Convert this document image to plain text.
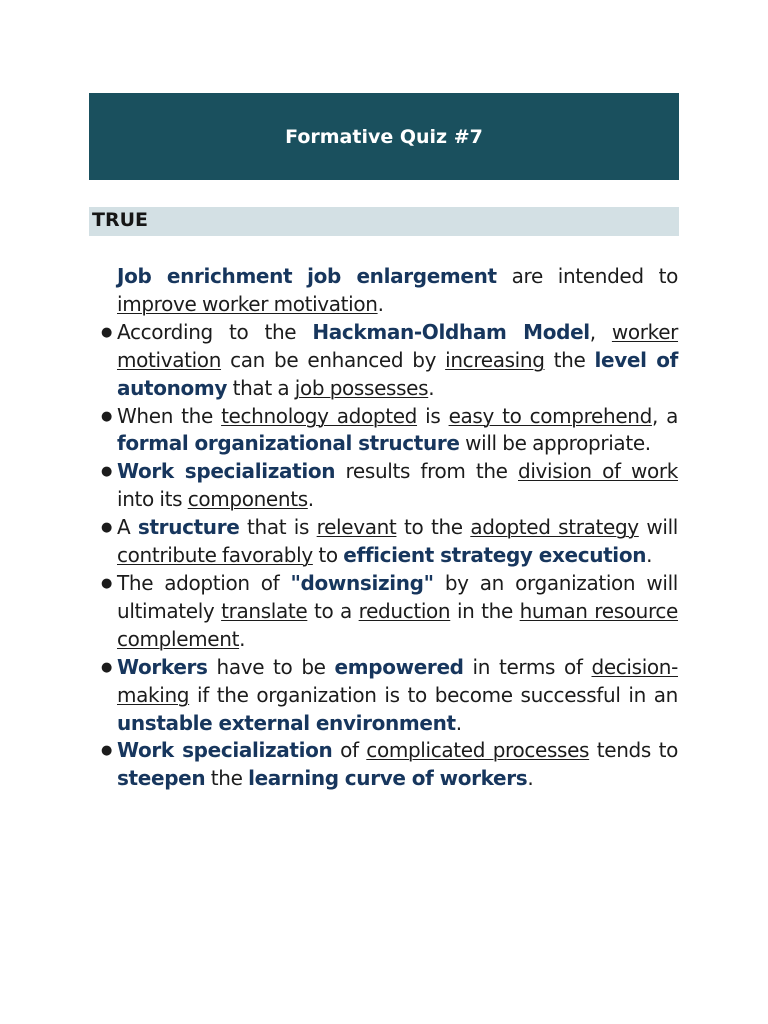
Formative Quiz #7
TRUE
Job enrichment job enlargement are intended to improve worker motivation.
● According to the Hackman-Oldham Model, worker motivation can be enhanced by increasing the level of autonomy that a job possesses.
● When the technology adopted is easy to comprehend, a formal organizational structure will be appropriate.
● Work specialization results from the division of work into its components.
● A structure that is relevant to the adopted strategy will contribute favorably to efficient strategy execution.
● The adoption of "downsizing" by an organization will ultimately translate to a reduction in the human resource complement.
● Workers have to be empowered in terms of decision-making if the organization is to become successful in an unstable external environment.
● Work specialization of complicated processes tends to steepen the learning curve of workers.
